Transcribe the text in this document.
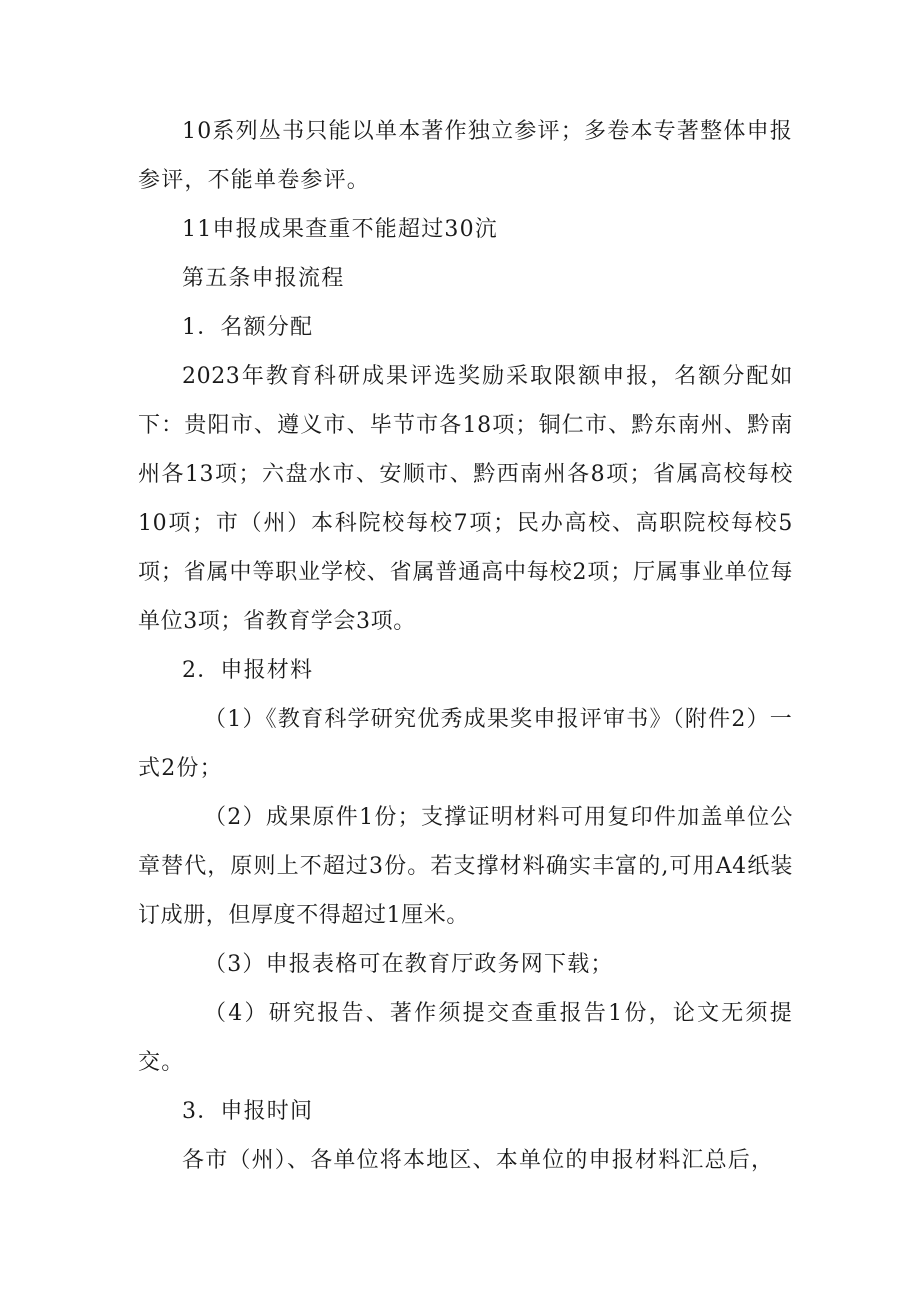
10系列丛书只能以单本著作独立参评；多卷本专著整体申报参评，不能单卷参评。

11申报成果查重不能超过30沆

第五条申报流程

1．名额分配

2023年教育科研成果评选奖励采取限额申报，名额分配如下：贵阳市、遵义市、毕节市各18项；铜仁市、黔东南州、黔南州各13项；六盘水市、安顺市、黔西南州各8项；省属高校每校10项；市（州）本科院校每校7项；民办高校、高职院校每校5项；省属中等职业学校、省属普通高中每校2项；厅属事业单位每单位3项；省教育学会3项。

2．申报材料

（1）《教育科学研究优秀成果奖申报评审书》（附件2）一式2份；

（2）成果原件1份；支撑证明材料可用复印件加盖单位公章替代，原则上不超过3份。若支撑材料确实丰富的,可用A4纸装订成册，但厚度不得超过1厘米。

（3）申报表格可在教育厅政务网下载；

（4）研究报告、著作须提交查重报告1份，论文无须提交。

3．申报时间

各市（州）、各单位将本地区、本单位的申报材料汇总后，
